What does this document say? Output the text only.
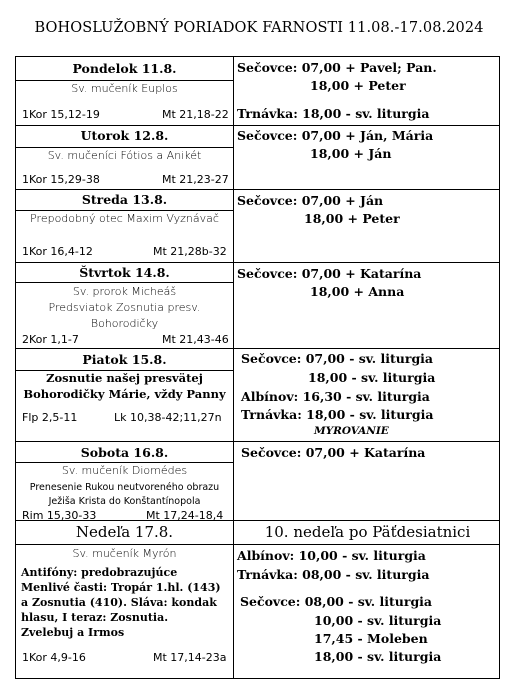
BOHOSLUŽOBNÝ PORIADOK FARNOSTI 11.08.-17.08.2024
Pondelok 11.8.
Sv. mučeník Euplos
1Kor 15,12-19	Mt 21,18-22
Sečovce: 07,00 + Pavel; Pan.
18,00 + Peter
Trnávka: 18,00 - sv. liturgia
Utorok 12.8.
Sv. mučeníci Fótios a Anikét
1Kor 15,29-38	Mt 21,23-27
Sečovce: 07,00 + Ján, Mária
18,00 + Ján
Streda 13.8.
Prepodobný otec Maxim Vyznávač
1Kor 16,4-12	Mt 21,28b-32
Sečovce: 07,00 + Ján
18,00 + Peter
Štvrtok 14.8.
Sv. prorok Micheáš
Predsviatok Zosnutia presv.
Bohorodičky
2Kor 1,1-7	Mt 21,43-46
Sečovce: 07,00 + Katarína
18,00 + Anna
Piatok 15.8.
Zosnutie našej presvätej
Bohorodičky Márie, vždy Panny
Flp 2,5-11	Lk 10,38-42;11,27n
Sečovce: 07,00 - sv. liturgia
18,00 - sv. liturgia
Albínov: 16,30 - sv. liturgia
Trnávka: 18,00 - sv. liturgia
MYROVANIE
Sobota 16.8.
Sv. mučeník Diomédes
Prenesenie Rukou neutvoreného obrazu
Ježiša Krista do Konštantínopola
Rim 15,30-33	Mt 17,24-18,4
Sečovce: 07,00 + Katarína
Nedeľa 17.8.	10. nedeľa po Päťdesiatnici
Sv. mučeník Myrón
Antifóny: predobrazujúce
Menlivé časti: Tropár 1.hl. (143)
a Zosnutia (410). Sláva: kondak
hlasu, I teraz: Zosnutia.
Zvelebuj a Irmos
1Kor 4,9-16	Mt 17,14-23a
Albínov: 10,00 - sv. liturgia
Trnávka: 08,00 - sv. liturgia
Sečovce: 08,00 - sv. liturgia
10,00 - sv. liturgia
17,45 - Moleben
18,00 - sv. liturgia
